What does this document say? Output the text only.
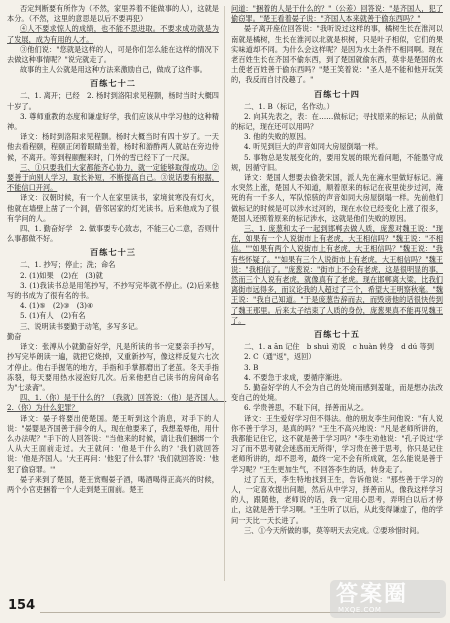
否定判断要有所作为（不然，家里养着不能做事的人），这就是本分。（不然，这里的意思是以后不要再犯）

④人不要求惊人的成绩，也不能不思进取。不要求成功就是为了发展，成为有用的人才。

③他们说："您就是这样的人，可是你们怎么能在这样的情况下去做这种事情呢？"说完就走了。

故事的主人公就是用这种方法来激励自己，做成了这件事。

百练七十二

二、1. 离开；已经　2. 杨时到洛阳求见程颢，杨时当时大概四十岁了。

3. 尊师重教的态度和谦虚好学，我们应该从中学习他的这种精神。

译文：杨时到洛阳求见程颢。杨时大概当时有四十岁了。一天他去看程颐，程颐正闭着眼睛坐着，杨时和游酢两人就站在旁边侍候，不离开。等到程颐醒来时，门外的雪已经下了一尺深。

三、①只要我们大家都能齐心协力，就一定能够取得成功。②要善于向别人学习，取长补短，不断提高自己。③说话要有根据，不能信口开河。

译文：汉朝时候，有一个人在家里读书，家境贫寒没有灯火，他就在墙壁上凿了一个洞，借邻居家的灯光读书。后来他成为了很有学问的人。

四、1. 勤奋好学　2. 做事要专心致志，不能三心二意，否则什么事都做不好。

百练七十三

二、1. 抄写；停止；洗；命名

2. (1)如果　(2)在　(3)就

3. (1)我读书总是用笔抄写，不抄写完毕就不停止。(2)后来他写的书成为了很有名的书。

4. (1)⑤　(2)③　(3)④

5. (1)有人　(2)有名

三、说明读书要勤于动笔，多写多记。

勤奋

译文：张溥从小就勤奋好学，凡是所读的书一定要亲手抄写，抄写完毕朗读一遍，就把它烧掉，又重新抄写，像这样反复六七次才停止。他右手握笔的地方，手指和手掌都磨出了老茧。冬天手指冻裂，每天要用热水浸泡好几次。后来他把自己读书的房间命名为"七录斋"。

四、1.（你）是干什么的？（我就）回答说：（他）是齐国人。　2.（你）为什么犯罪？

译文：晏子将要出使楚国。楚王听到这个消息，对手下的人说："晏婴是齐国善于辞令的人，现在他要来了，我想羞辱他，用什么办法呢？"手下的人回答说："当他来的时候，请让我们捆绑一个人从大王面前走过。大王就问：'他是干什么的？'我们就回答说：'他是齐国人。'大王再问：'他犯了什么罪？'我们就回答说：'他犯了偷窃罪。'"

晏子来到了楚国，楚王赏赐晏子酒，喝酒喝得正高兴的时候，两个小官吏捆着一个人走到楚王面前。楚王

问道："捆着的人是干什么的？"（公差）回答说："是齐国人，犯了偷窃罪。"楚王看着晏子说："齐国人本来就善于偷东西吗？"

晏子离开座位回答说："我听说过这样的事，橘树生长在淮河以南就是橘树，生长在淮河以北就是枳树，只是叶子相似，它们的果实味道却不同。为什么会这样呢？是因为水土条件不相同啊。现在老百姓生长在齐国不偷东西，到了楚国就偷东西，莫非是楚国的水土使老百姓善于偷东西吗？"楚王笑着说："圣人是不能和他开玩笑的，我反而自讨没趣了。"

百练七十四

二、1. B（标记，名作动。）

2. 向其先表之，表：在……做标记；寻找原来的标记；从前做的标记，现在还可以用吗？

3. 他的失败的原因。

4. 听见到巨大的声音如同大房屋倒塌一样。

5. 事物总是发展变化的，要用发展的眼光看问题，不能墨守成规，因循守旧。

译文：楚国人想要去偷袭宋国，派人先在澭水里做好标记。澭水突然上涨，楚国人不知道，顺着原来的标记在夜里徒步过河，淹死的有一千多人，军队惊骇的声音如同大房屋倒塌一样。先前他们做标记的时候是可以涉水过河的，现在水位已经变化上涨了很多，楚国人还照着原来的标记涉水，这就是他们失败的原因。

三、1. 庞葱和太子一起到邯郸去做人质，庞葱对魏王说："现在，如果有一个人说街市上有老虎，大王相信吗？"魏王说："不相信。""如果有两个人说街市上有老虎，大王相信吗？"魏王说："我有些怀疑了。""如果有三个人说街市上有老虎，大王相信吗？"魏王说："我相信了。"庞葱说："街市上不会有老虎，这是很明显的事，然而三个人说有老虎，就像真有了老虎。现在邯郸离大梁，比我们离街市远得多，而议论我的人超过了三个，希望大王明察秋毫。"魏王说："我自己知道。"于是庞葱告辞而去，而毁谤他的话很快传到了魏王那里。后来太子结束了人质的身份，庞葱果真不能再见魏王了。

百练七十五

二、1. a ān 记住　b shuì 劝说　c huàn 转身　d dú 等到

2. C（通"返"，返回）

3. B

4. 不要急于求成，要循序渐进。

5. 勤奋好学的人不会为自己的处境而感到羞耻，而是想办法改变自己的处境。

6. 学贵善思，不耻下问，择善而从之。

译文：王生爱好学习但不得法。他的朋友李生问他说："有人说你不善于学习，是真的吗？"王生不高兴地说："凡是老师所讲的，我都能记住它，这不就是善于学习吗？"李生劝他说："孔子说过'学习了而不思考就会迷惑而无所得'，学习贵在善于思考，你只是记住老师所讲的，却不思考，最终一定不会有所成就，怎么能说是善于学习呢？"王生更加生气，不回答李生的话，转身走了。

过了五天，李生特地找到王生，告诉他说："那些善于学习的人，一定喜欢提出问题，然后从中学习，择善而从，像我这样学习的人，跟随他，老师说的话，我一定用心思考，弄明白以后才停止，这就是善于学习啊。"王生听了以后，从此变得谦虚了，他的学问一天比一天长进了。

三、①今天所做的事，莫等明天去完成。②要珍惜时间。

154	答案圈
MXQE.COM
